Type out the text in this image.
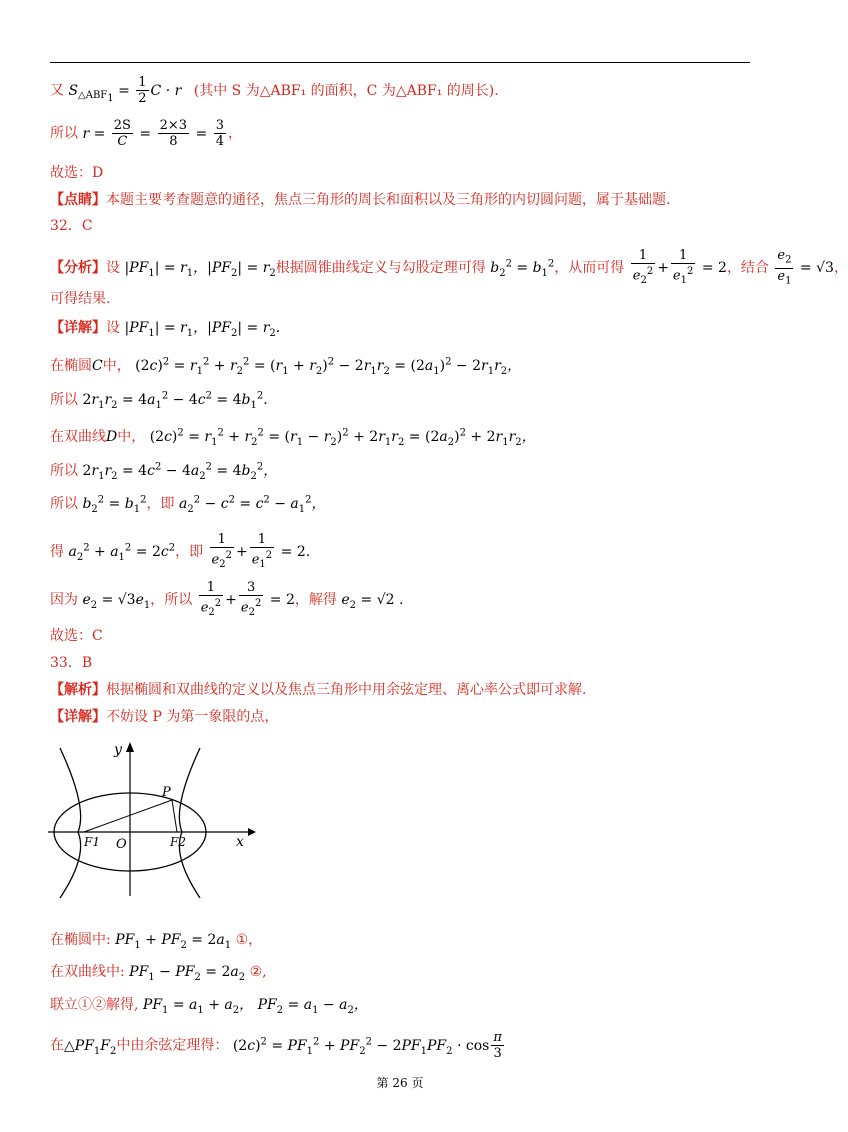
又 $S_{\triangle ABF_1} = \frac{1}{2}$ C · r (其中 S 为△ABF₁ 的面积，C 为△ABF₁ 的周长).
所以 $r = \frac{2S}{C} = \frac{2\times 3}{8} = \frac{3}{4}$ ，
故选：D
【点睛】本题主要考查题意的通径，焦点三角形的周长和面积以及三角形的内切圆问题，属于基础题.
32．C
【分析】设 $|PF_1| = r_1$，$|PF_2| = r_2$根据圆锥曲线定义与勾股定理可得 $b_2^2 = b_1^2$，从而可得 $\frac{1}{e_2^2} + \frac{1}{e_1^2} = 2$，结合 $\frac{e_2}{e_1} = √3$，
可得结果.
【详解】设 $|PF_1| = r_1$，$|PF_2| = r_2$.
在椭圆C中， $(2c)^2 = r_1^2 + r_2^2 = (r_1 + r_2)^2 - 2r_1r_2 = (2a_1)^2 - 2r_1r_2$，
所以 $2r_1r_2 = 4a_1^2 - 4c^2 = 4b_1^2$.
在双曲线D中， $(2c)^2 = r_1^2 + r_2^2 = (r_1 - r_2)^2 + 2r_1r_2 = (2a_2)^2 + 2r_1r_2$，
所以 $2r_1r_2 = 4c^2 - 4a_2^2 = 4b_2^2$，
所以 $b_2^2 = b_1^2$，即 $a_2^2 - c^2 = c^2 - a_1^2$，
得 $a_2^2 + a_1^2 = 2c^2$，即 $\frac{1}{e_2^2} + \frac{1}{e_1^2} = 2$.
因为 $e_2 = √3e_1$，所以 $\frac{1}{e_2^2} + \frac{3}{e_2^2} = 2$，解得 $e_2 = √2$ .
故选：C
33．B
【解析】根据椭圆和双曲线的定义以及焦点三角形中用余弦定理、离心率公式即可求解.
【详解】不妨设 P 为第一象限的点，
y
x
P
O
F1	F2
在椭圆中: $PF_1 + PF_2 = 2a_1$ ①，
在双曲线中: $PF_1 - PF_2 = 2a_2$ ②,
联立①②解得, $PF_1 = a_1 + a_2$， $PF_2 = a_1 - a_2$，
在$\triangle PF_1F_2$中由余弦定理得： $(2c)^2 = PF_1^2 + PF_2^2 - 2PF_1PF_2 \cdot \cos \frac{\pi}{3}$
第 26 页
